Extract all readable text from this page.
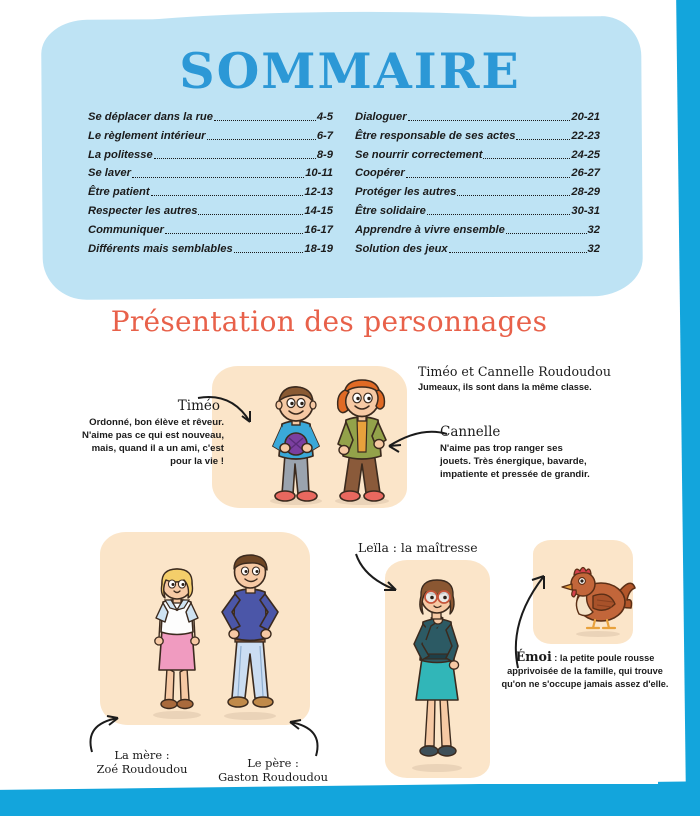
SOMMAIRE
Se déplacer dans la rue	4-5
Le règlement intérieur	6-7
La politesse	8-9
Se laver	10-11
Être patient	12-13
Respecter les autres	14-15
Communiquer	16-17
Différents mais semblables	18-19
Dialoguer	20-21
Être responsable de ses actes	22-23
Se nourrir correctement	24-25
Coopérer	26-27
Protéger les autres	28-29
Être solidaire	30-31
Apprendre à vivre ensemble	32
Solution des jeux	32
Présentation des personnages
Timéo
Ordonné, bon élève et rêveur. N'aime pas ce qui est nouveau, mais, quand il a un ami, c'est pour la vie !
Timéo et Cannelle Roudoudou
Jumeaux, ils sont dans la même classe.
Cannelle
N'aime pas trop ranger ses jouets. Très énergique, bavarde, impatiente et pressée de grandir.
Leïla : la maîtresse
Émoi : la petite poule rousse apprivoisée de la famille, qui trouve qu'on ne s'occupe jamais assez d'elle.
La mère :
Zoé Roudoudou	Le père :
Gaston Roudoudou
